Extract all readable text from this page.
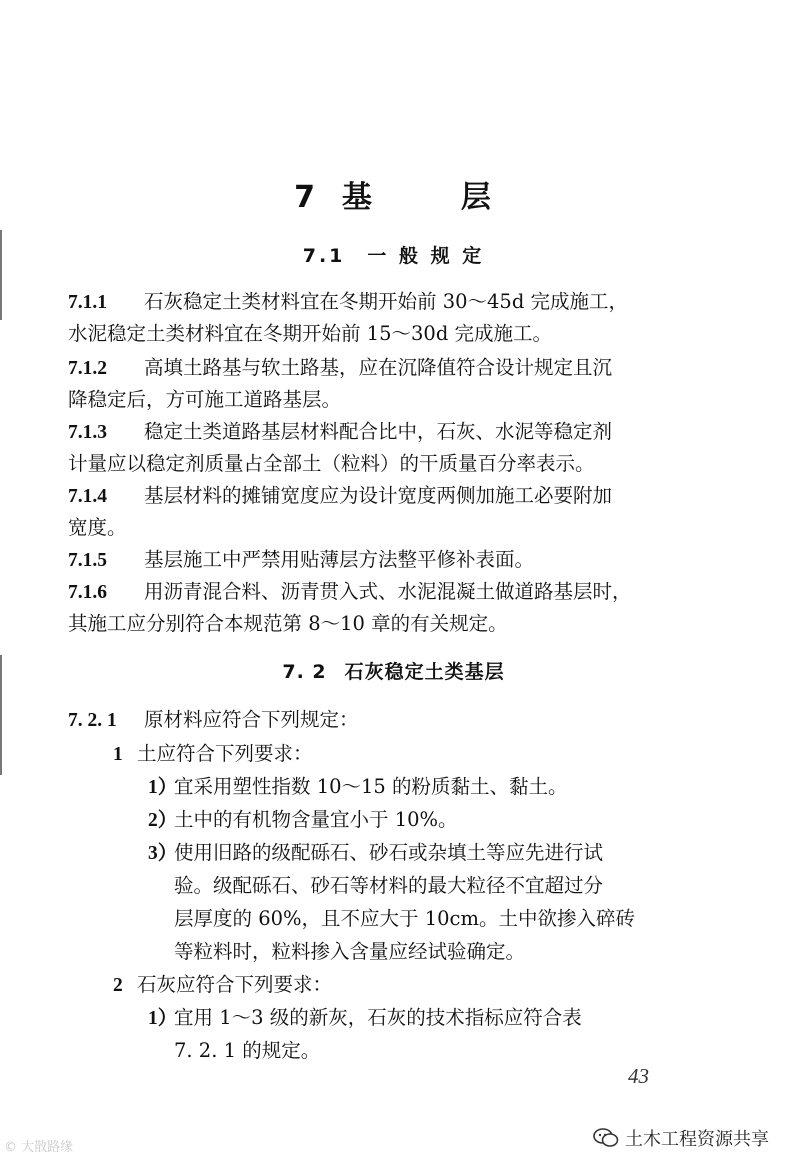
7  基       层
7.1 一 般 规 定
7.1.1 石灰稳定土类材料宜在冬期开始前 30～45d 完成施工，
水泥稳定土类材料宜在冬期开始前 15～30d 完成施工。
7.1.2 高填土路基与软土路基，应在沉降值符合设计规定且沉
降稳定后，方可施工道路基层。
7.1.3 稳定土类道路基层材料配合比中，石灰、水泥等稳定剂
计量应以稳定剂质量占全部土（粒料）的干质量百分率表示。
7.1.4 基层材料的摊铺宽度应为设计宽度两侧加施工必要附加
宽度。
7.1.5 基层施工中严禁用贴薄层方法整平修补表面。
7.1.6 用沥青混合料、沥青贯入式、水泥混凝土做道路基层时，
其施工应分别符合本规范第 8～10 章的有关规定。
7. 2 石灰稳定土类基层
7. 2. 1 原材料应符合下列规定：
1 土应符合下列要求：
1）宜采用塑性指数 10～15 的粉质黏土、黏土。
2）土中的有机物含量宜小于 10%。
3）使用旧路的级配砾石、砂石或杂填土等应先进行试
验。级配砾石、砂石等材料的最大粒径不宜超过分
层厚度的 60%，且不应大于 10cm。土中欲掺入碎砖
等粒料时，粒料掺入含量应经试验确定。
2 石灰应符合下列要求：
1）宜用 1～3 级的新灰，石灰的技术指标应符合表
7. 2. 1 的规定。
43
© 大散路缘	土木工程资源共享
